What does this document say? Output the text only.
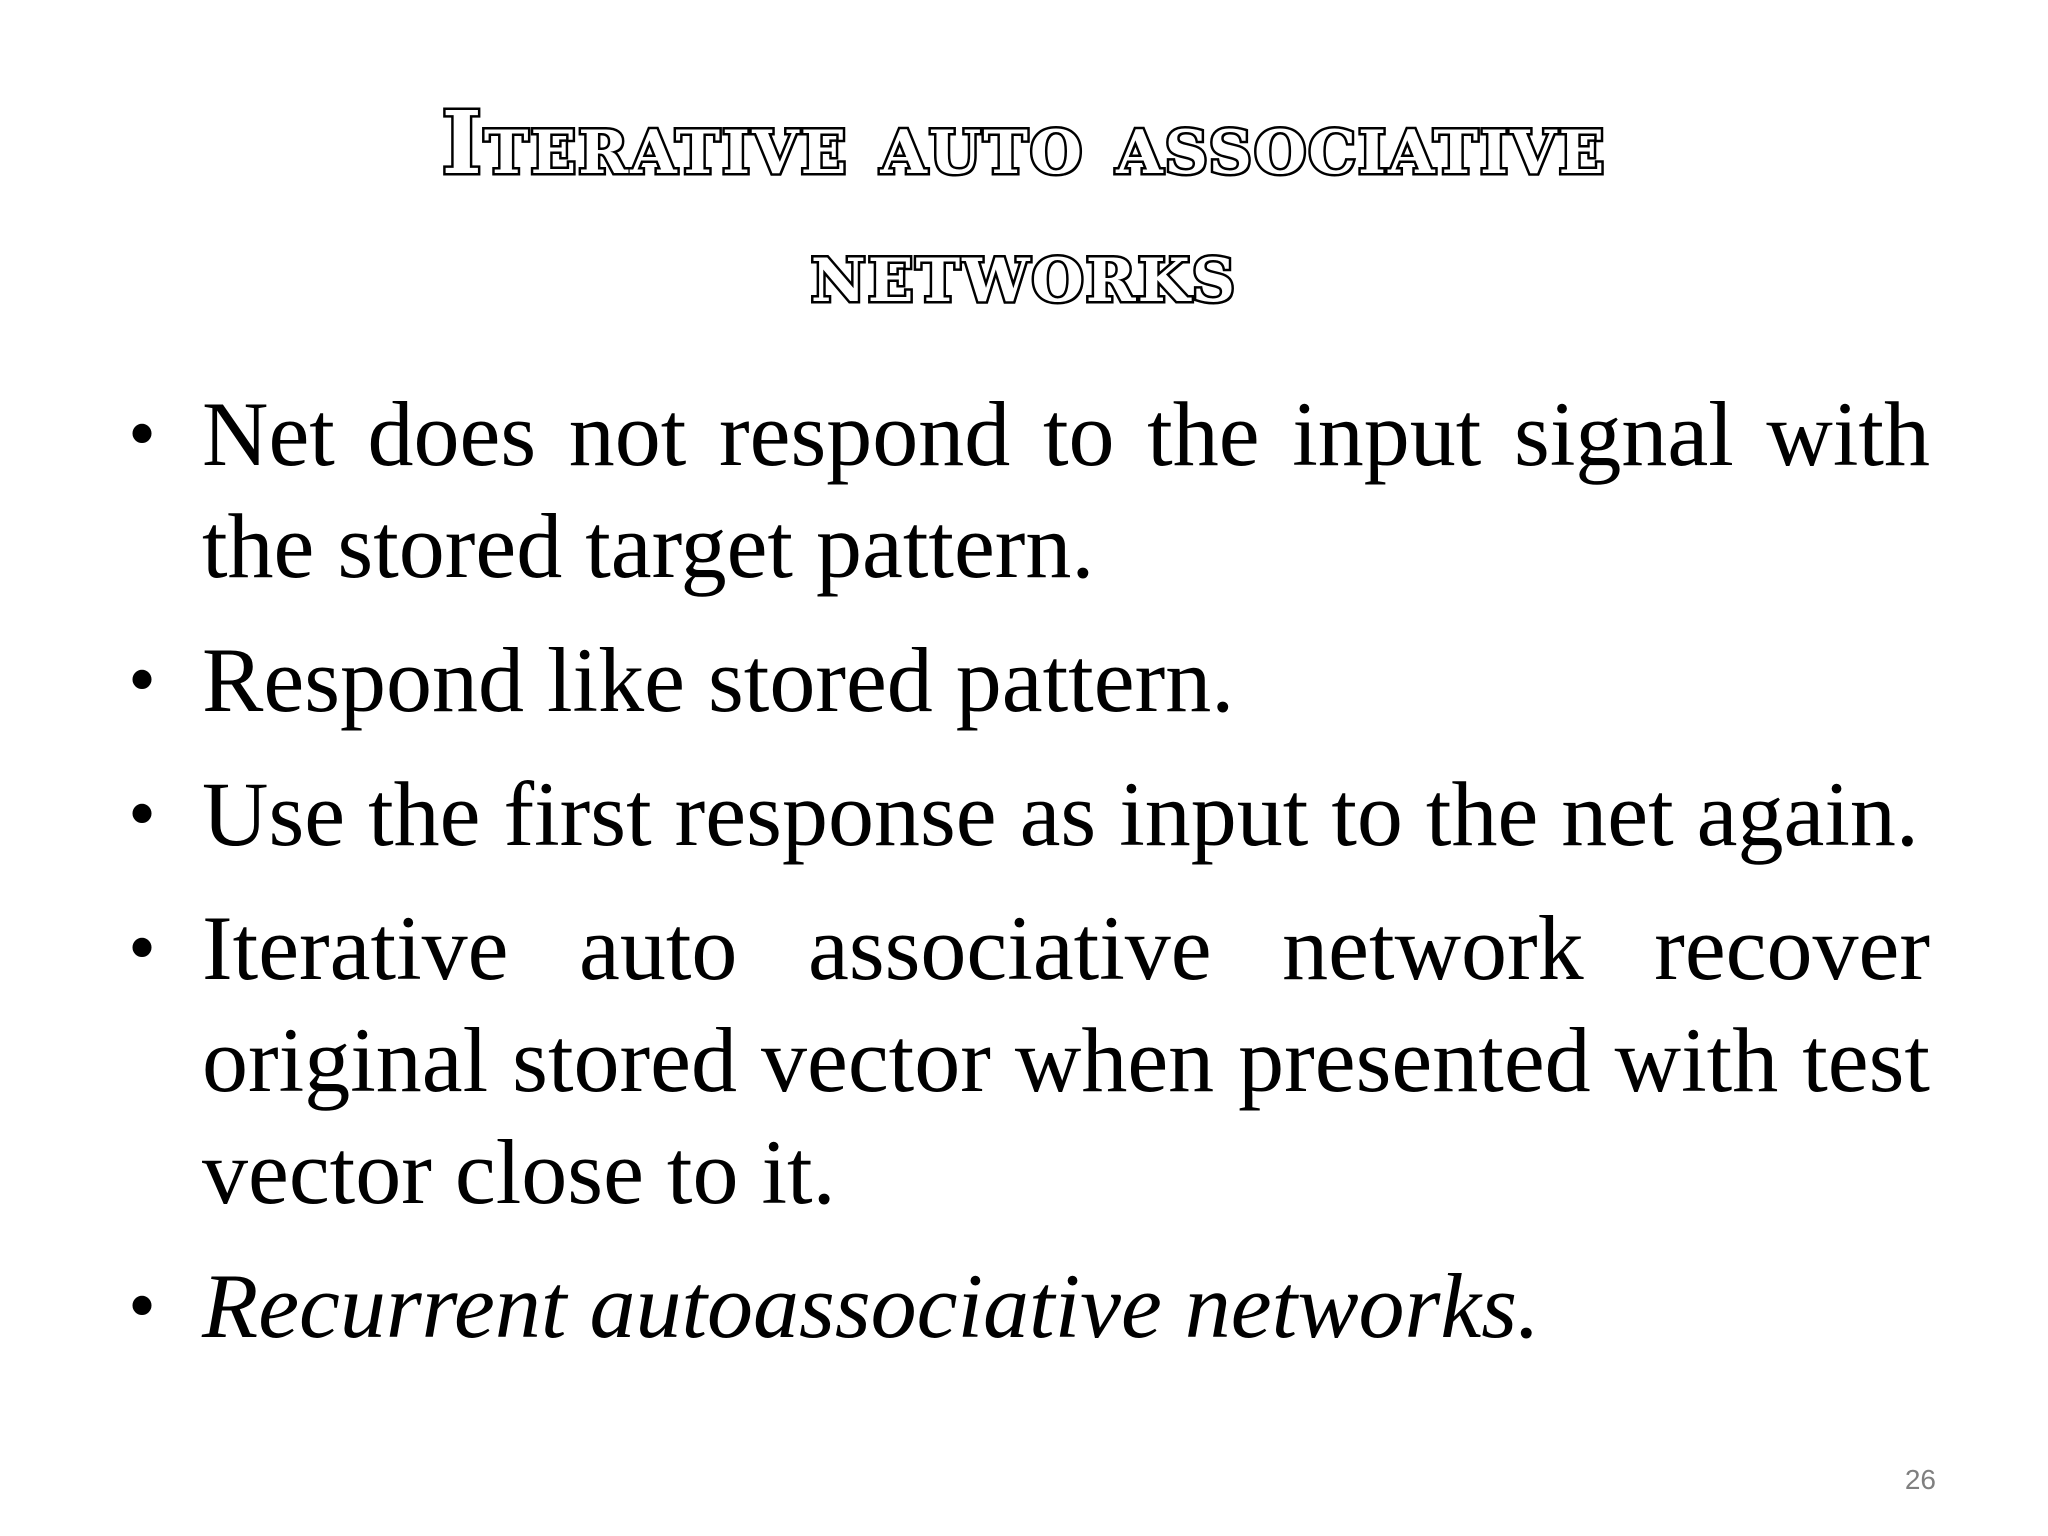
Iterative auto associative
networks
• Net does not respond to the input signal with the stored target pattern.
• Respond like stored pattern.
• Use the first response as input to the net again.
• Iterative auto associative network recover original stored vector when presented with test vector close to it.
• Recurrent autoassociative networks.
26
